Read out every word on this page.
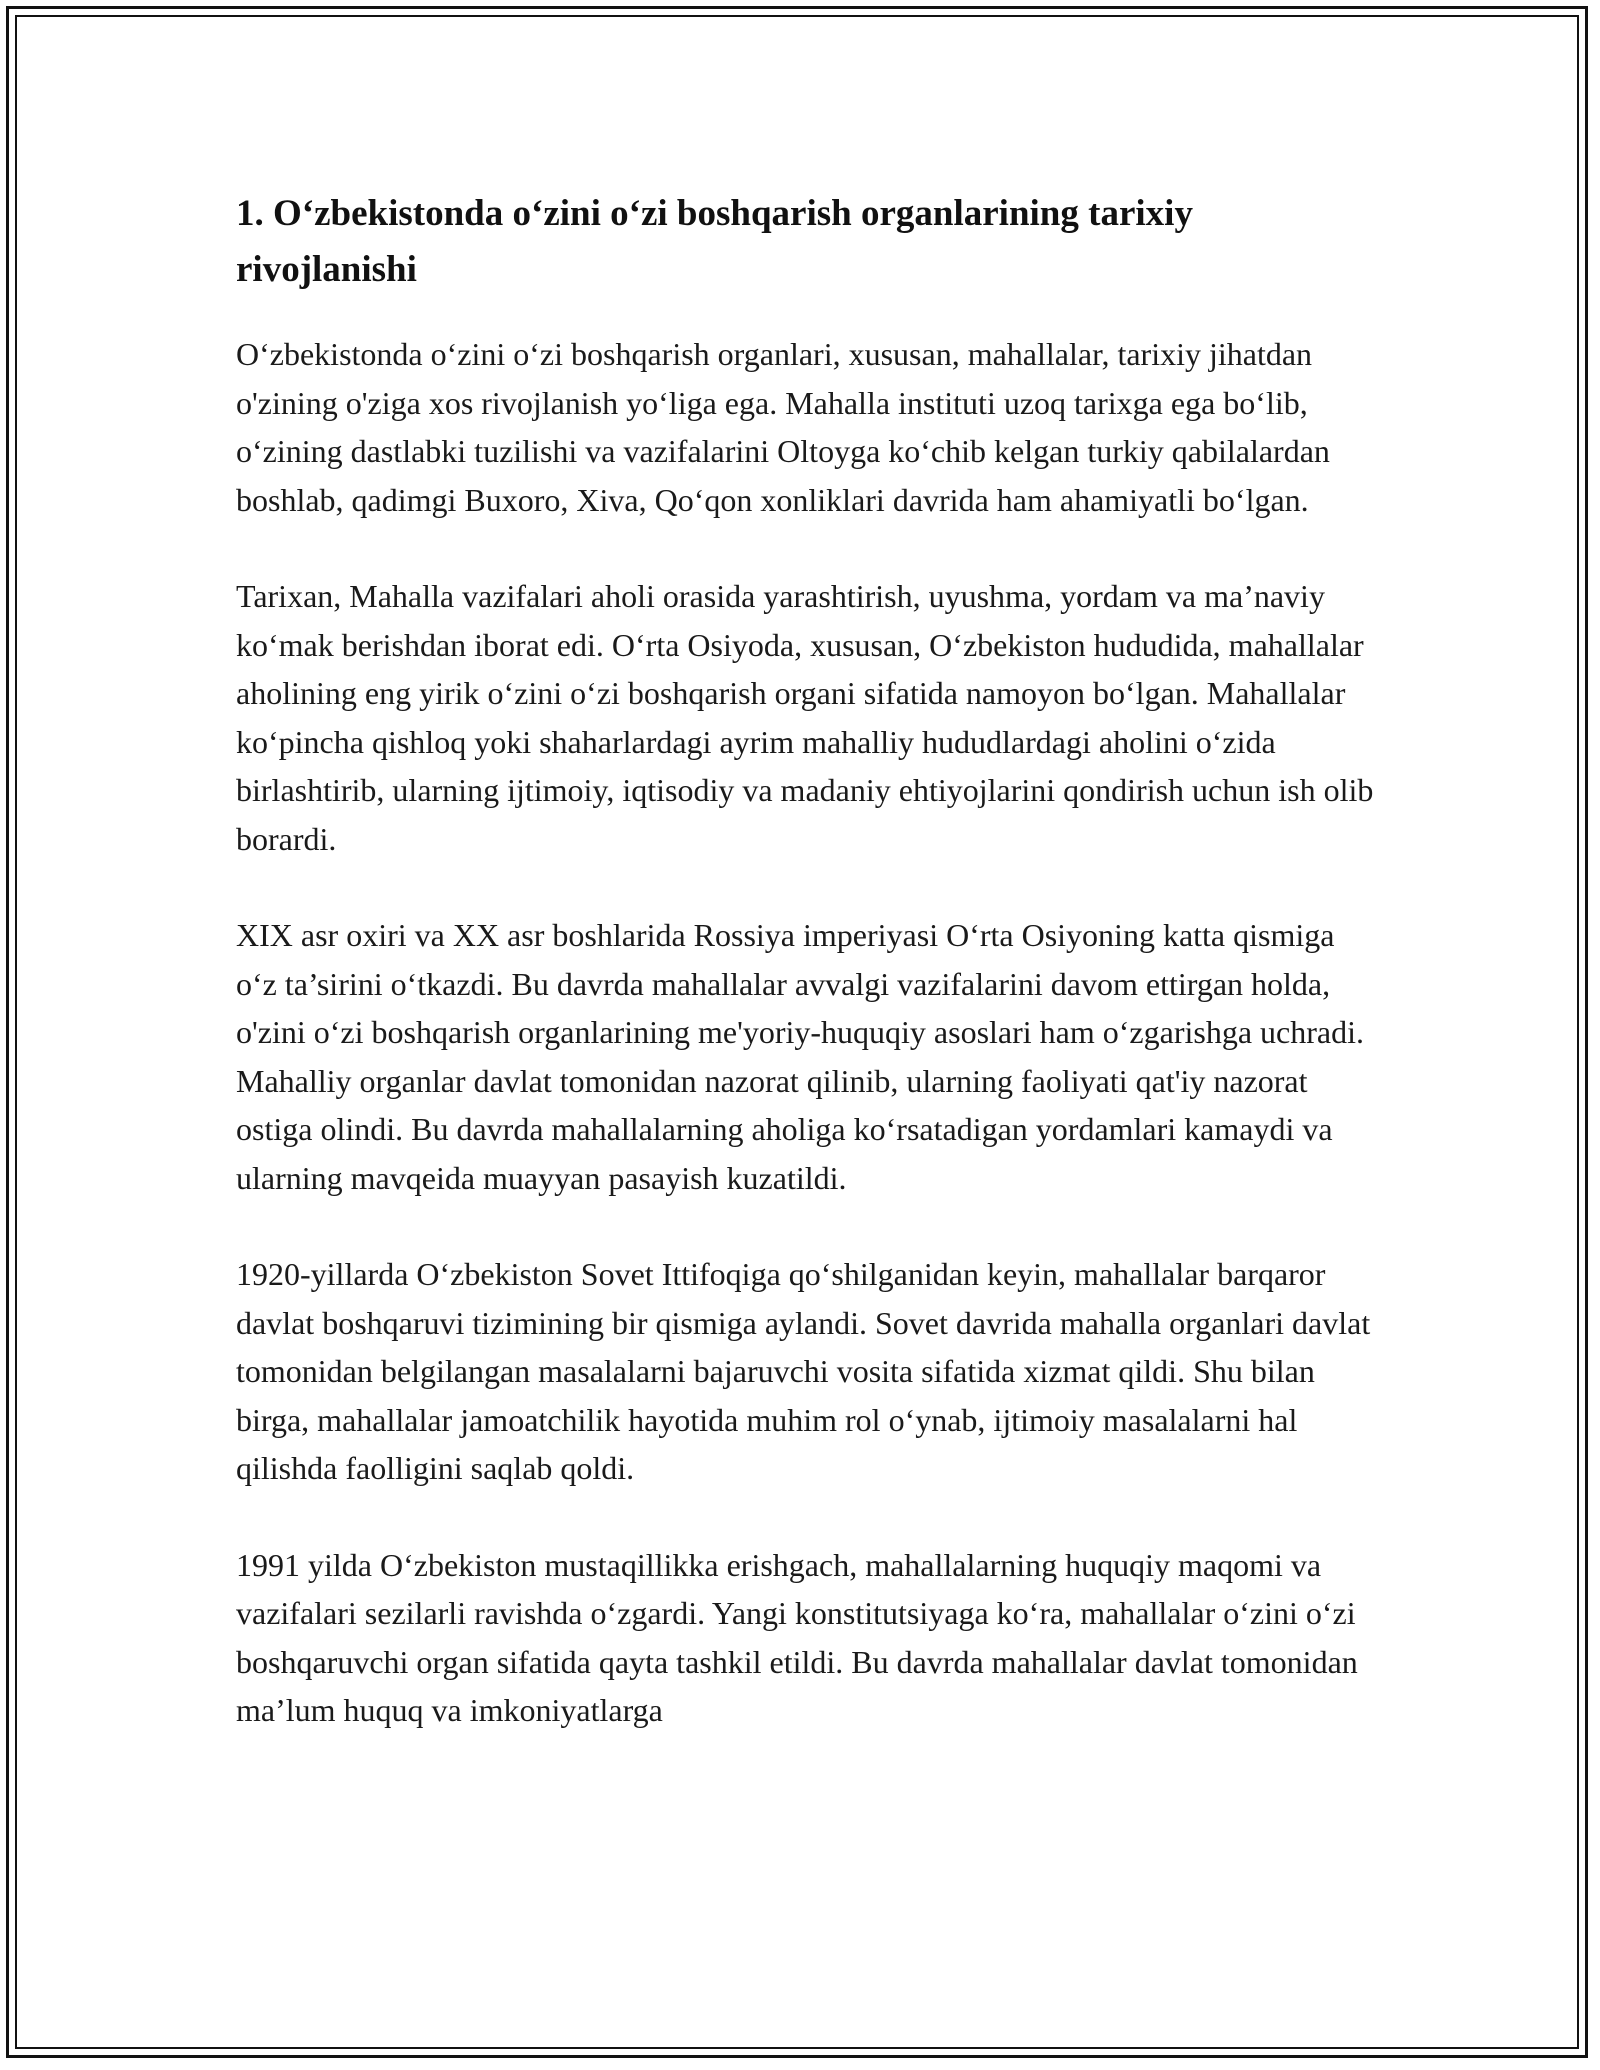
1. O‘zbekistonda o‘zini o‘zi boshqarish organlarining tarixiy rivojlanishi

O‘zbekistonda o‘zini o‘zi boshqarish organlari, xususan, mahallalar, tarixiy jihatdan o'zining o'ziga xos rivojlanish yo‘liga ega. Mahalla instituti uzoq tarixga ega bo‘lib, o‘zining dastlabki tuzilishi va vazifalarini Oltoyga ko‘chib kelgan turkiy qabilalardan boshlab, qadimgi Buxoro, Xiva, Qo‘qon xonliklari davrida ham ahamiyatli bo‘lgan.

Tarixan, Mahalla vazifalari aholi orasida yarashtirish, uyushma, yordam va ma’naviy ko‘mak berishdan iborat edi. O‘rta Osiyoda, xususan, O‘zbekiston hududida, mahallalar aholining eng yirik o‘zini o‘zi boshqarish organi sifatida namoyon bo‘lgan. Mahallalar ko‘pincha qishloq yoki shaharlardagi ayrim mahalliy hududlardagi aholini o‘zida birlashtirib, ularning ijtimoiy, iqtisodiy va madaniy ehtiyojlarini qondirish uchun ish olib borardi.

XIX asr oxiri va XX asr boshlarida Rossiya imperiyasi O‘rta Osiyoning katta qismiga o‘z ta’sirini o‘tkazdi. Bu davrda mahallalar avvalgi vazifalarini davom ettirgan holda, o'zini o‘zi boshqarish organlarining me'yoriy-huquqiy asoslari ham o‘zgarishga uchradi. Mahalliy organlar davlat tomonidan nazorat qilinib, ularning faoliyati qat'iy nazorat ostiga olindi. Bu davrda mahallalarning aholiga ko‘rsatadigan yordamlari kamaydi va ularning mavqeida muayyan pasayish kuzatildi.

1920-yillarda O‘zbekiston Sovet Ittifoqiga qo‘shilganidan keyin, mahallalar barqaror davlat boshqaruvi tizimining bir qismiga aylandi. Sovet davrida mahalla organlari davlat tomonidan belgilangan masalalarni bajaruvchi vosita sifatida xizmat qildi. Shu bilan birga, mahallalar jamoatchilik hayotida muhim rol o‘ynab, ijtimoiy masalalarni hal qilishda faolligini saqlab qoldi.

1991 yilda O‘zbekiston mustaqillikka erishgach, mahallalarning huquqiy maqomi va vazifalari sezilarli ravishda o‘zgardi. Yangi konstitutsiyaga ko‘ra, mahallalar o‘zini o‘zi boshqaruvchi organ sifatida qayta tashkil etildi. Bu davrda mahallalar davlat tomonidan ma’lum huquq va imkoniyatlarga
